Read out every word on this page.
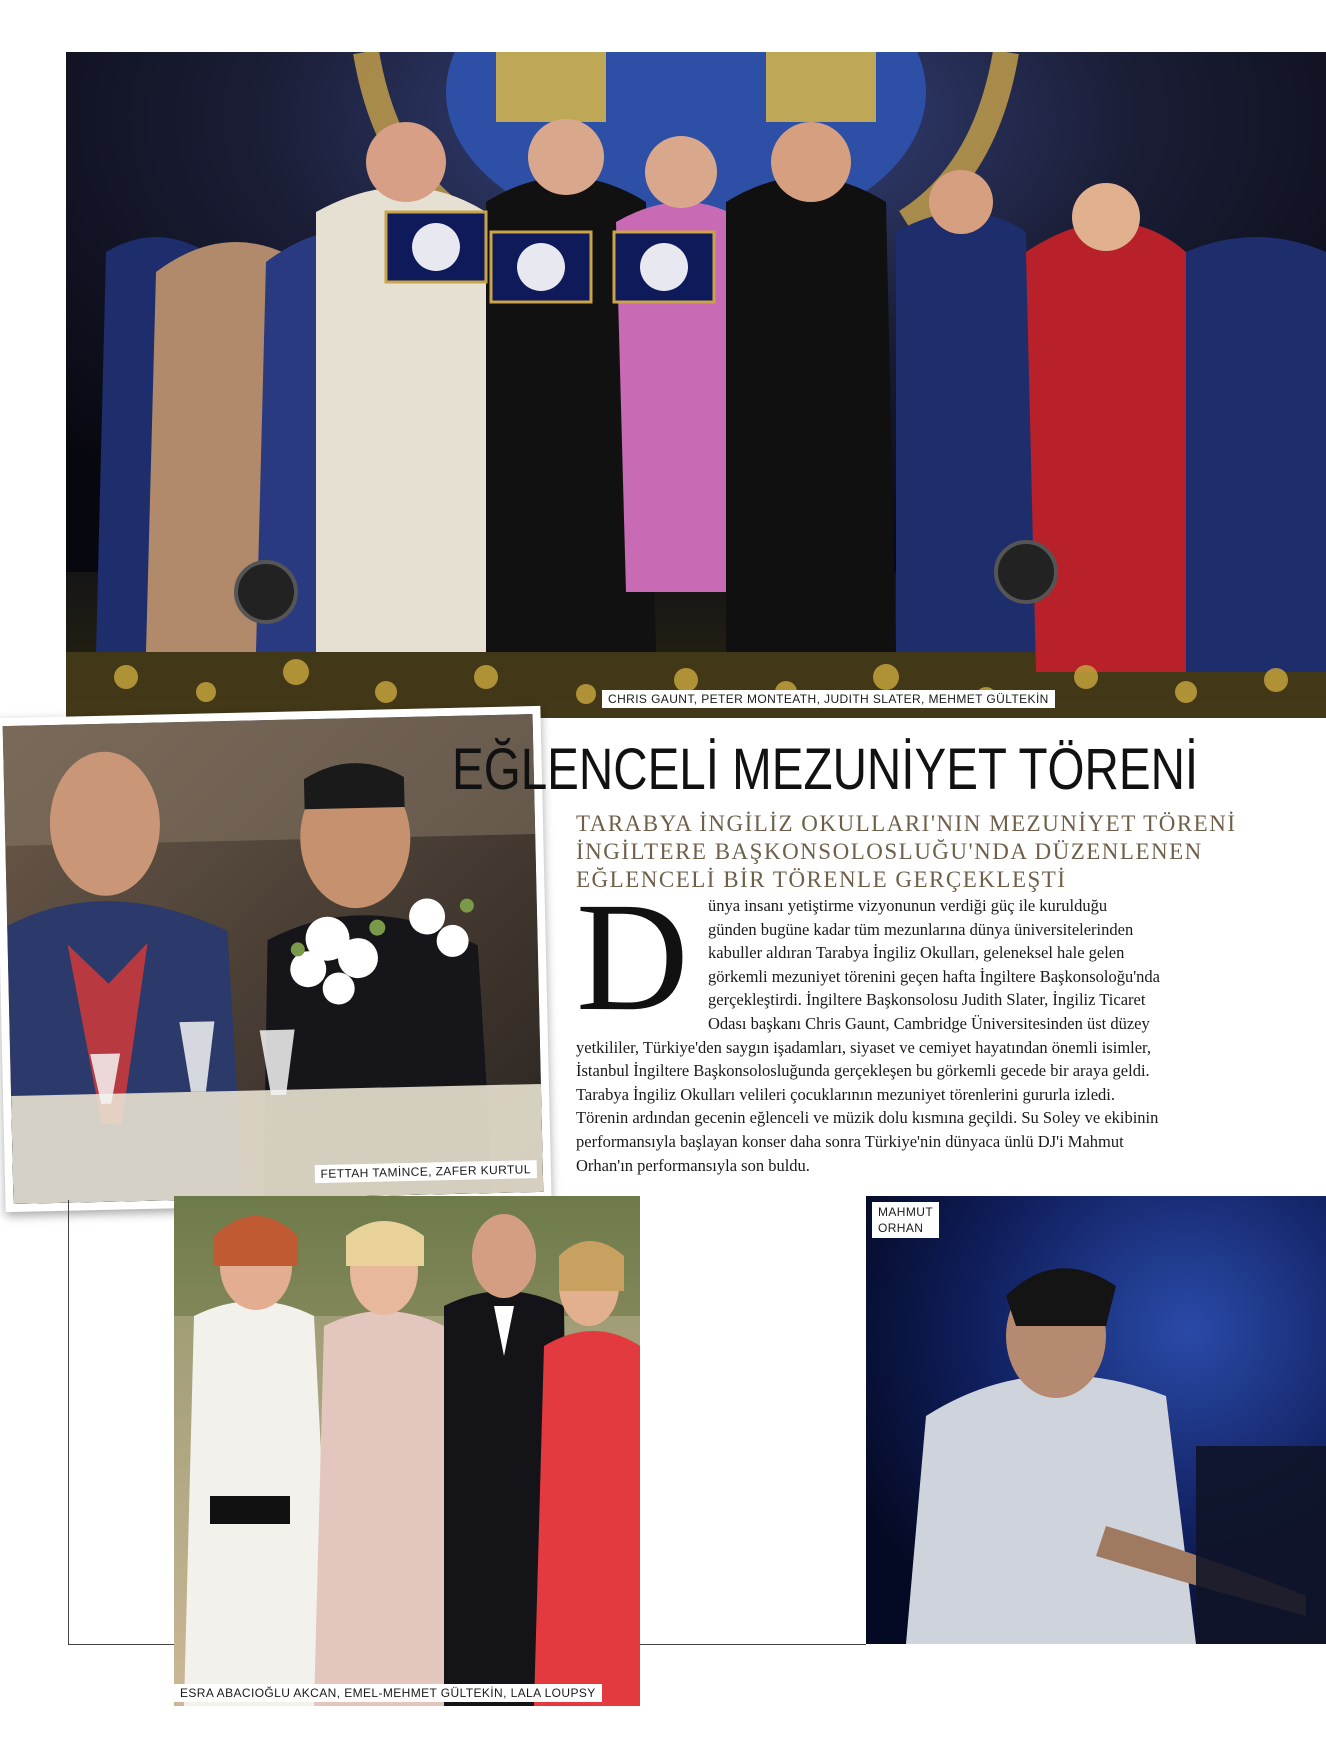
CHRIS GAUNT, PETER MONTEATH, JUDITH SLATER, MEHMET GÜLTEKİN
FETTAH TAMİNCE, ZAFER KURTUL
EĞLENCELİ MEZUNİYET TÖRENİ
TARABYA İNGİLİZ OKULLARI'NIN MEZUNİYET TÖRENİ
İNGİLTERE BAŞKONSOLOSLUĞU'NDA DÜZENLENEN
EĞLENCELİ BİR TÖRENLE GERÇEKLEŞTİ
D	ünya insanı yetiştirme vizyonunun verdiği güç ile kurulduğu
günden bugüne kadar tüm mezunlarına dünya üniversitelerinden
kabuller aldıran Tarabya İngiliz Okulları, geleneksel hale gelen
görkemli mezuniyet törenini geçen hafta İngiltere Başkonsoloğu'nda
gerçekleştirdi. İngiltere Başkonsolosu Judith Slater, İngiliz Ticaret
Odası başkanı Chris Gaunt, Cambridge Üniversitesinden üst düzey
yetkililer, Türkiye'den saygın işadamları, siyaset ve cemiyet hayatından önemli isimler,
İstanbul İngiltere Başkonsolosluğunda gerçekleşen bu görkemli gecede bir araya geldi.
Tarabya İngiliz Okulları velileri çocuklarının mezuniyet törenlerini gururla izledi.
Törenin ardından gecenin eğlenceli ve müzik dolu kısmına geçildi. Su Soley ve ekibinin
performansıyla başlayan konser daha sonra Türkiye'nin dünyaca ünlü DJ'i Mahmut
Orhan'ın performansıyla son buldu.
ESRA ABACIOĞLU AKCAN, EMEL-MEHMET GÜLTEKİN, LALA LOUPSY
MAHMUT
ORHAN
